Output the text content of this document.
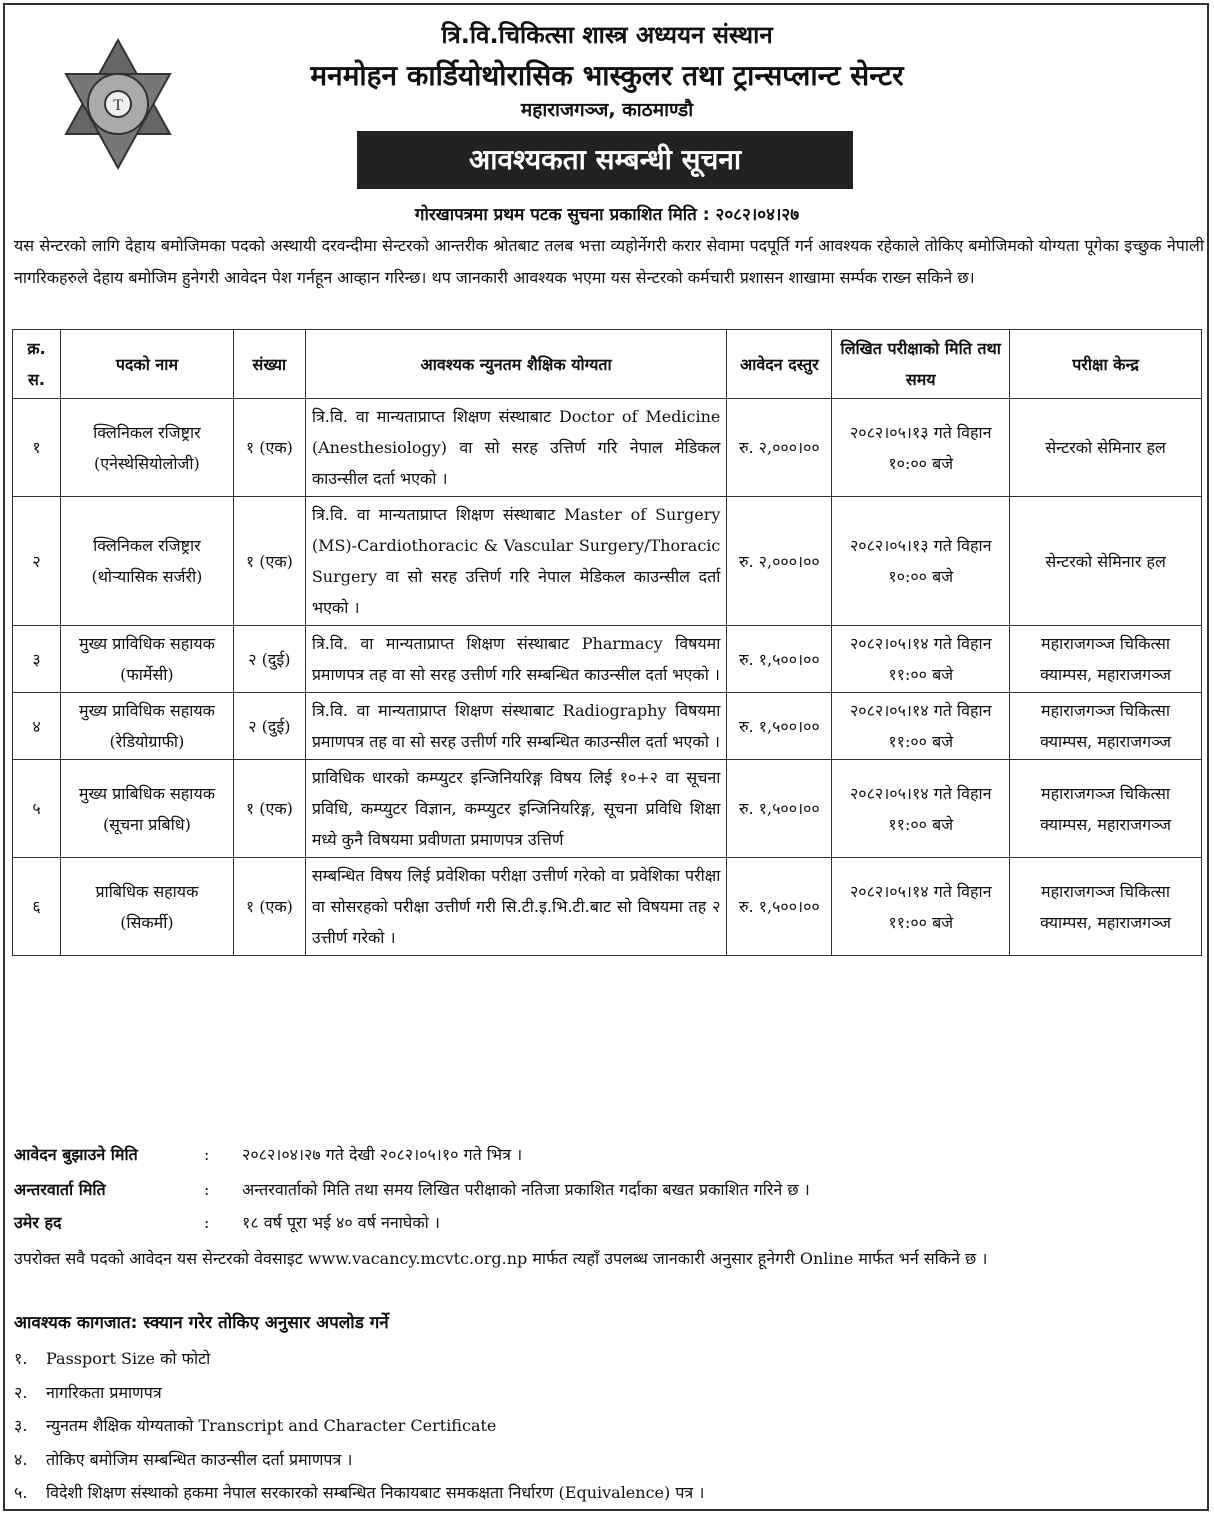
T
त्रि.वि.चिकित्सा शास्त्र अध्ययन संस्थान
मनमोहन कार्डियोथोरासिक भास्कुलर तथा ट्रान्सप्लान्ट सेन्टर
महाराजगञ्ज, काठमाण्डौ
आवश्यकता सम्बन्धी सूचना
गोरखापत्रमा प्रथम पटक सुचना प्रकाशित मिति : २०८२।०४।२७
यस सेन्टरको लागि देहाय बमोजिमका पदको अस्थायी दरवन्दीमा सेन्टरको आन्तरीक श्रोतबाट तलब भत्ता व्यहोर्नेगरी करार सेवामा पदपूर्ति गर्न आवश्यक रहेकाले तोकिए बमोजिमको योग्यता पूगेका इच्छुक नेपाली नागरिकहरुले देहाय बमोजिम हुनेगरी आवेदन पेश गर्नहून आव्हान गरिन्छ। थप जानकारी आवश्यक भएमा यस सेन्टरको कर्मचारी प्रशासन शाखामा सर्म्पक राख्न सकिने छ।
क्र. स.	पदको नाम	संख्या	आवश्यक न्युनतम शैक्षिक योग्यता	आवेदन दस्तुर	लिखित परीक्षाको मिति तथा समय	परीक्षा केन्द्र
१	क्लिनिकल रजिष्ट्रार (एनेस्थेसियोलोजी)	१ (एक)	त्रि.वि. वा मान्यताप्राप्त शिक्षण संस्थाबाट Doctor of Medicine (Anesthesiology) वा सो सरह उत्तिर्ण गरि नेपाल मेडिकल काउन्सील दर्ता भएको ।	रु. २,०००।००	२०८२।०५।१३ गते विहान १०:०० बजे	सेन्टरको सेमिनार हल
२	क्लिनिकल रजिष्ट्रार (थोर्‍यासिक सर्जरी)	१ (एक)	त्रि.वि. वा मान्यताप्राप्त शिक्षण संस्थाबाट Master of Surgery (MS)-Cardiothoracic & Vascular Surgery/Thoracic Surgery वा सो सरह उत्तिर्ण गरि नेपाल मेडिकल काउन्सील दर्ता भएको ।	रु. २,०००।००	२०८२।०५।१३ गते विहान १०:०० बजे	सेन्टरको सेमिनार हल
३	मुख्य प्राविधिक सहायक (फार्मेसी)	२ (दुई)	त्रि.वि. वा मान्यताप्राप्त शिक्षण संस्थाबाट Pharmacy विषयमा प्रमाणपत्र तह वा सो सरह उत्तीर्ण गरि सम्बन्धित काउन्सील दर्ता भएको ।	रु. १,५००।००	२०८२।०५।१४ गते विहान ११:०० बजे	महाराजगञ्ज चिकित्सा क्याम्पस, महाराजगञ्ज
४	मुख्य प्राविधिक सहायक (रेडियोग्राफी)	२ (दुई)	त्रि.वि. वा मान्यताप्राप्त शिक्षण संस्थाबाट Radiography विषयमा प्रमाणपत्र तह वा सो सरह उत्तीर्ण गरि सम्बन्धित काउन्सील दर्ता भएको ।	रु. १,५००।००	२०८२।०५।१४ गते विहान ११:०० बजे	महाराजगञ्ज चिकित्सा क्याम्पस, महाराजगञ्ज
५	मुख्य प्राबिधिक सहायक (सूचना प्रबिधि)	१ (एक)	प्राविधिक धारको कम्प्युटर इन्जिनियरिङ्ग विषय लिई १०+२ वा सूचना प्रविधि, कम्प्युटर विज्ञान, कम्प्युटर इन्जिनियरिङ्ग, सूचना प्रविधि शिक्षा मध्ये कुनै विषयमा प्रवीणता प्रमाणपत्र उत्तिर्ण	रु. १,५००।००	२०८२।०५।१४ गते विहान ११:०० बजे	महाराजगञ्ज चिकित्सा क्याम्पस, महाराजगञ्ज
६	प्राबिधिक सहायक (सिकर्मी)	१ (एक)	सम्बन्धित विषय लिई प्रवेशिका परीक्षा उत्तीर्ण गरेको वा प्रवेशिका परीक्षा वा सोसरहको परीक्षा उत्तीर्ण गरी सि.टी.इ.भि.टी.बाट सो विषयमा तह २ उत्तीर्ण गरेको ।	रु. १,५००।००	२०८२।०५।१४ गते विहान ११:०० बजे	महाराजगञ्ज चिकित्सा क्याम्पस, महाराजगञ्ज
आवेदन बुझाउने मिति	: २०८२।०४।२७ गते देखी २०८२।०५।१० गते भित्र ।
अन्तरवार्ता मिति	: अन्तरवार्ताको मिति तथा समय लिखित परीक्षाको नतिजा प्रकाशित गर्दाका बखत प्रकाशित गरिने छ ।
उमेर हद	: १८ वर्ष पूरा भई ४० वर्ष ननाघेको ।
उपरोक्त सवै पदको आवेदन यस सेन्टरको वेवसाइट www.vacancy.mcvtc.org.np मार्फत त्यहाँ उपलब्ध जानकारी अनुसार हूनेगरी Online मार्फत भर्न सकिने छ ।
आवश्यक कागजात: स्क्यान गरेर तोकिए अनुसार अपलोड गर्ने
१. Passport Size को फोटो
२. नागरिकता प्रमाणपत्र
३. न्युनतम शैक्षिक योग्यताको Transcript and Character Certificate
४. तोकिए बमोजिम सम्बन्धित काउन्सील दर्ता प्रमाणपत्र ।
५. विदेशी शिक्षण संस्थाको हकमा नेपाल सरकारको सम्बन्धित निकायबाट समकक्षता निर्धारण (Equivalence) पत्र ।
